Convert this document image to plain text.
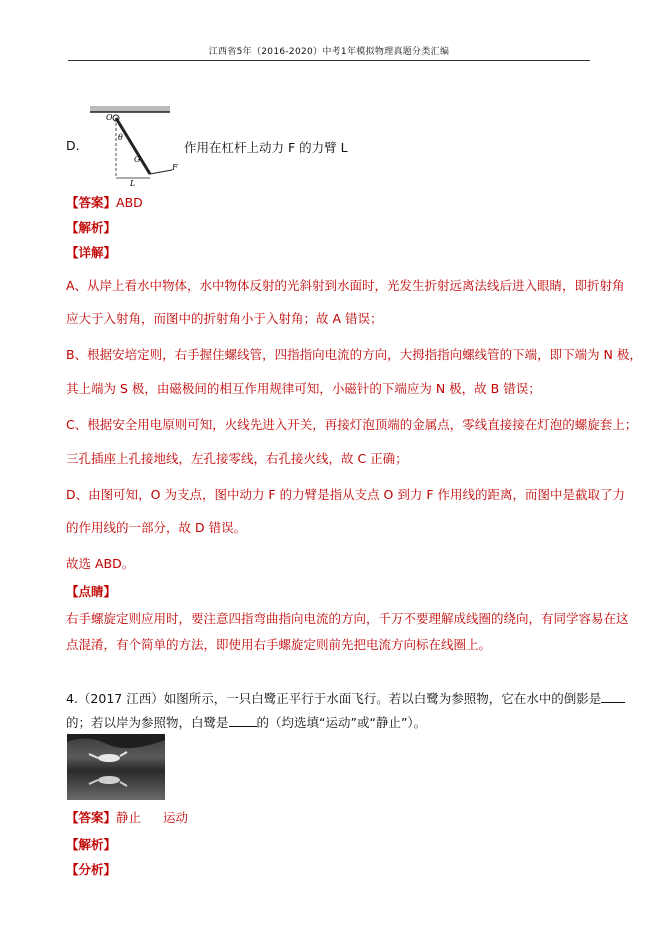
江西省5年（2016-2020）中考1年模拟物理真题分类汇编
O
θ
G
F
L
D.	作用在杠杆上动力 F 的力臂 L
【答案】ABD
【解析】
【详解】
A、从岸上看水中物体，水中物体反射的光斜射到水面时，光发生折射远离法线后进入眼睛，即折射角
应大于入射角，而图中的折射角小于入射角；故 A 错误；
B、根据安培定则，右手握住螺线管，四指指向电流的方向，大拇指指向螺线管的下端，即下端为 N 极，
其上端为 S 极，由磁极间的相互作用规律可知，小磁针的下端应为 N 极，故 B 错误；
C、根据安全用电原则可知，火线先进入开关，再接灯泡顶端的金属点，零线直接接在灯泡的螺旋套上；
三孔插座上孔接地线，左孔接零线，右孔接火线，故 C 正确；
D、由图可知，O 为支点，图中动力 F 的力臂是指从支点 O 到力 F 作用线的距离，而图中是截取了力
的作用线的一部分，故 D 错误。
故选 ABD。
【点睛】
右手螺旋定则应用时，要注意四指弯曲指向电流的方向，千万不要理解成线圈的绕向，有同学容易在这
点混淆，有个简单的方法，即使用右手螺旋定则前先把电流方向标在线圈上。
4.（2017 江西）如图所示，一只白鹭正平行于水面飞行。若以白鹭为参照物，它在水中的倒影是
的；若以岸为参照物，白鹭是 的（均选填“运动”或“静止”）。
【答案】静止 运动
【解析】
【分析】
